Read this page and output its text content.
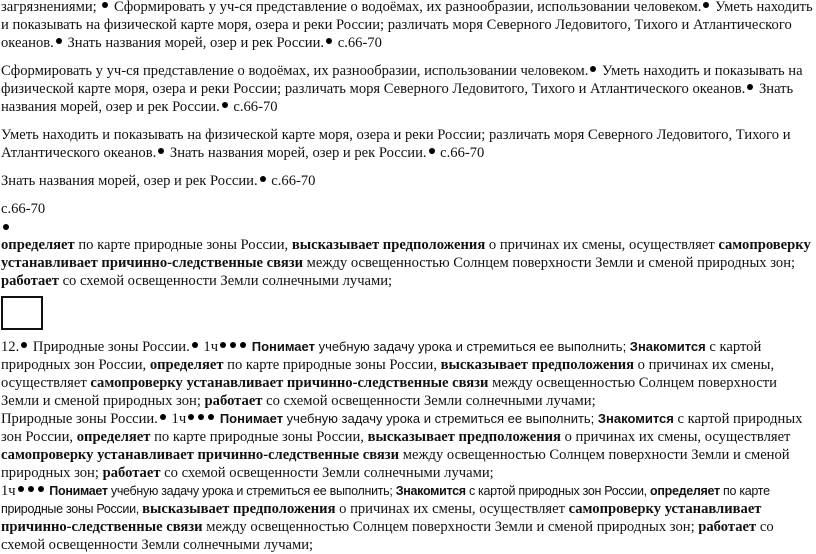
загрязнениями;  Сформировать у уч-ся представление о водоёмах, их разнообразии, использовании человеком. Уметь находить и показывать на физической карте моря, озера и реки России; различать моря Северного Ледовитого, Тихого и Атлантического океанов. Знать названия морей, озер и рек России. с.66-70

Сформировать у уч-ся представление о водоёмах, их разнообразии, использовании человеком. Уметь находить и показывать на физической карте моря, озера и реки России; различать моря Северного Ледовитого, Тихого и Атлантического океанов. Знать названия морей, озер и рек России. с.66-70

Уметь находить и показывать на физической карте моря, озера и реки России; различать моря Северного Ледовитого, Тихого и Атлантического океанов. Знать названия морей, озер и рек России. с.66-70

Знать названия морей, озер и рек России. с.66-70

с.66-70

определяет по карте природные зоны России, высказывает предположения о причинах их смены, осуществляет самопроверку устанавливает причинно-следственные связи между освещенностью Солнцем поверхности Земли и сменой природных зон; работает со схемой освещенности Земли солнечными лучами;

12. Природные зоны России. 1ч	Понимает учебную задачу урока и стремиться ее выполнить; Знакомится с картой природных зон России, определяет по карте природные зоны России, высказывает предположения о причинах их смены, осуществляет самопроверку устанавливает причинно-следственные связи между освещенностью Солнцем поверхности Земли и сменой природных зон; работает со схемой освещенности Земли солнечными лучами;

Природные зоны России. 1ч	Понимает учебную задачу урока и стремиться ее выполнить; Знакомится с картой природных зон России, определяет по карте природные зоны России, высказывает предположения о причинах их смены, осуществляет самопроверку устанавливает причинно-следственные связи между освещенностью Солнцем поверхности Земли и сменой природных зон; работает со схемой освещенности Земли солнечными лучами;

1ч	Понимает учебную задачу урока и стремиться ее выполнить; Знакомится с картой природных зон России, определяет по карте природные зоны России, высказывает предположения о причинах их смены, осуществляет самопроверку устанавливает причинно-следственные связи между освещенностью Солнцем поверхности Земли и сменой природных зон; работает со схемой освещенности Земли солнечными лучами;
